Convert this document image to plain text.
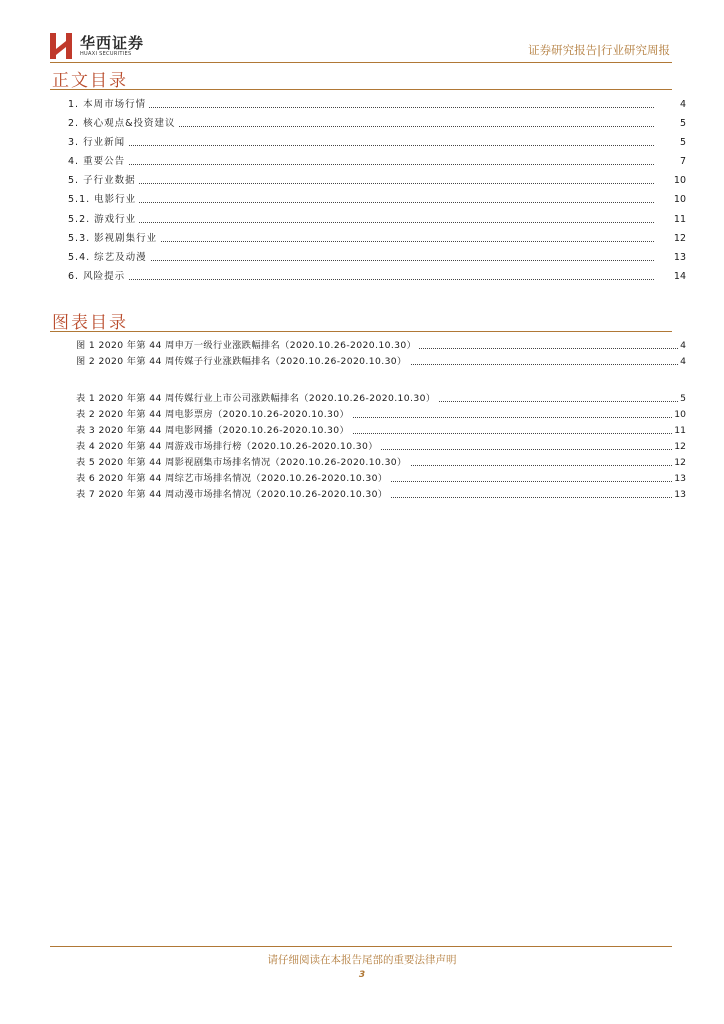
华西证券
HUAXI SECURITIES	证券研究报告|行业研究周报
正文目录
1. 本周市场行情	4
2. 核心观点&投资建议	5
3. 行业新闻	5
4. 重要公告	7
5. 子行业数据	10
5.1. 电影行业	10
5.2. 游戏行业	11
5.3. 影视剧集行业	12
5.4. 综艺及动漫	13
6. 风险提示	14
图表目录
图 1 2020 年第 44 周申万一级行业涨跌幅排名（2020.10.26-2020.10.30）	4
图 2 2020 年第 44 周传媒子行业涨跌幅排名（2020.10.26-2020.10.30）	4
表 1 2020 年第 44 周传媒行业上市公司涨跌幅排名（2020.10.26-2020.10.30）	5
表 2 2020 年第 44 周电影票房（2020.10.26-2020.10.30）	10
表 3 2020 年第 44 周电影网播（2020.10.26-2020.10.30）	11
表 4 2020 年第 44 周游戏市场排行榜（2020.10.26-2020.10.30）	12
表 5 2020 年第 44 周影视剧集市场排名情况（2020.10.26-2020.10.30）	12
表 6 2020 年第 44 周综艺市场排名情况（2020.10.26-2020.10.30）	13
表 7 2020 年第 44 周动漫市场排名情况（2020.10.26-2020.10.30）	13
请仔细阅读在本报告尾部的重要法律声明
3
